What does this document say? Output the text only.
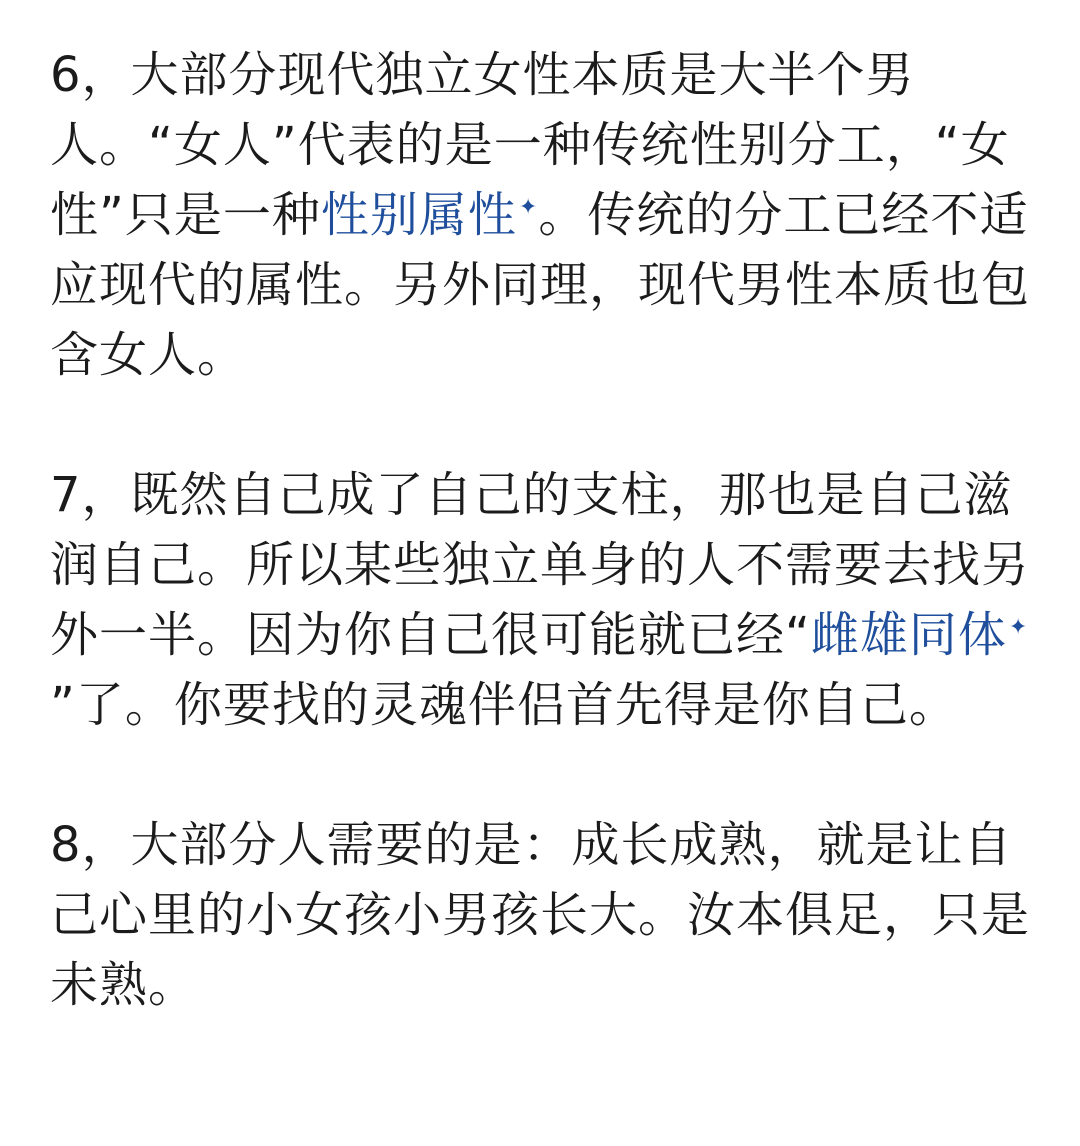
6，大部分现代独立女性本质是大半个男人。“女人”代表的是一种传统性别分工，“女性”只是一种性别属性✦。传统的分工已经不适应现代的属性。另外同理，现代男性本质也包含女人。

7，既然自己成了自己的支柱，那也是自己滋润自己。所以某些独立单身的人不需要去找另外一半。因为你自己很可能就已经“雌雄同体✦”了。你要找的灵魂伴侣首先得是你自己。

8，大部分人需要的是：成长成熟，就是让自己心里的小女孩小男孩长大。汝本俱足，只是未熟。
